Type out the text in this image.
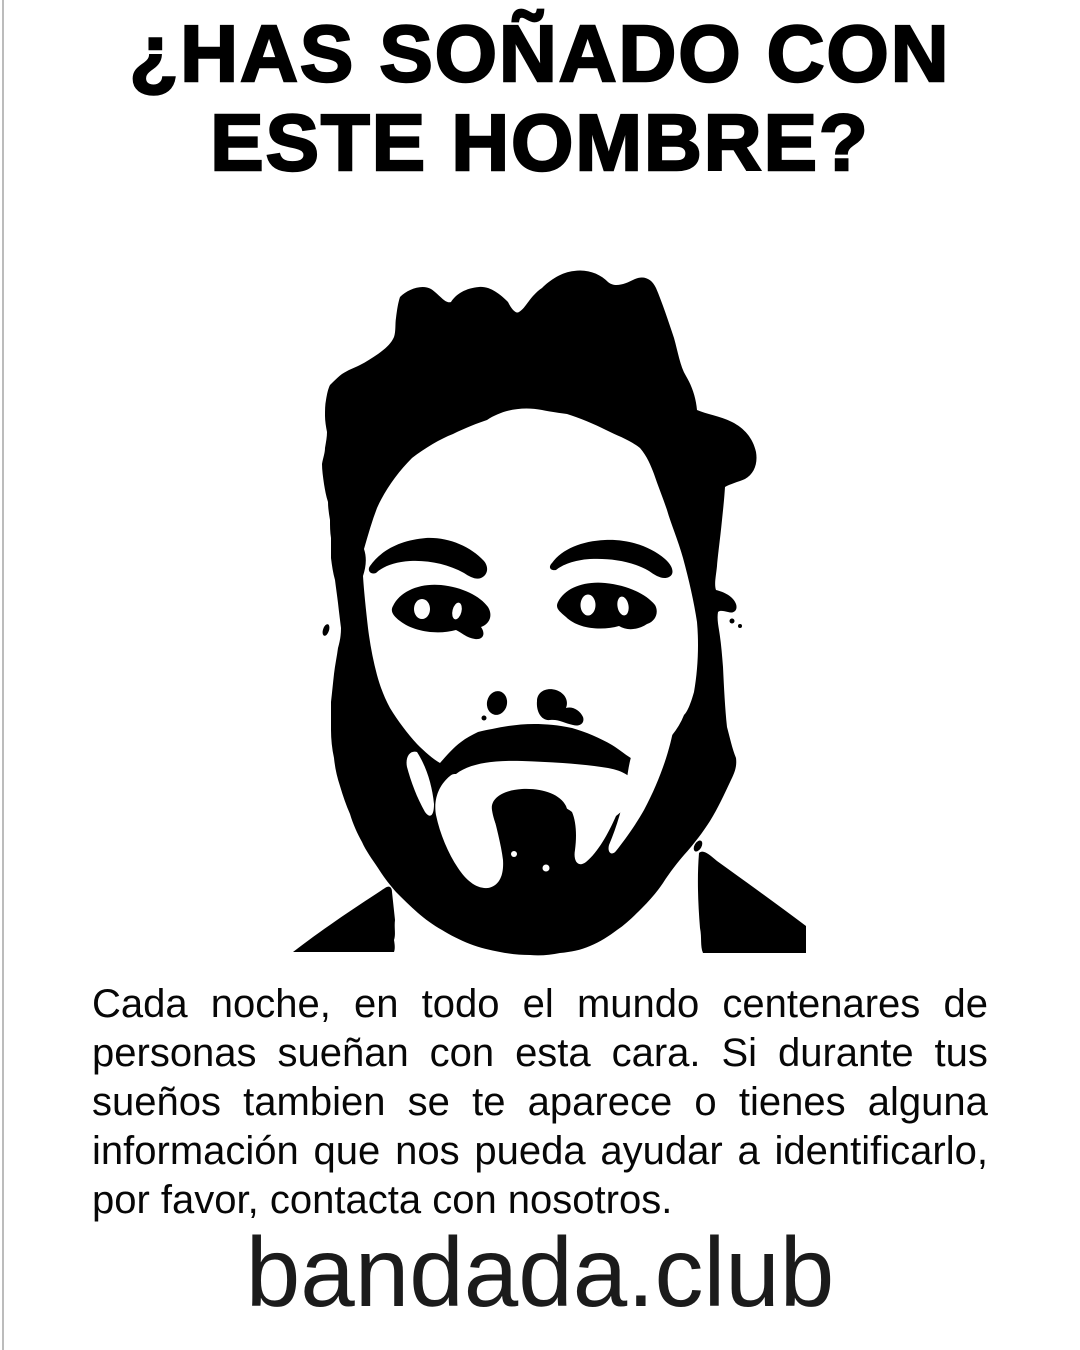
¿HAS SOÑADO CON
ESTE HOMBRE?
Cada noche, en todo el mundo centenares de
personas sueñan con esta cara. Si durante tus
sueños tambien se te aparece o tienes alguna
información que nos pueda ayudar a identificarlo,
por favor, contacta con nosotros.
bandada.club
